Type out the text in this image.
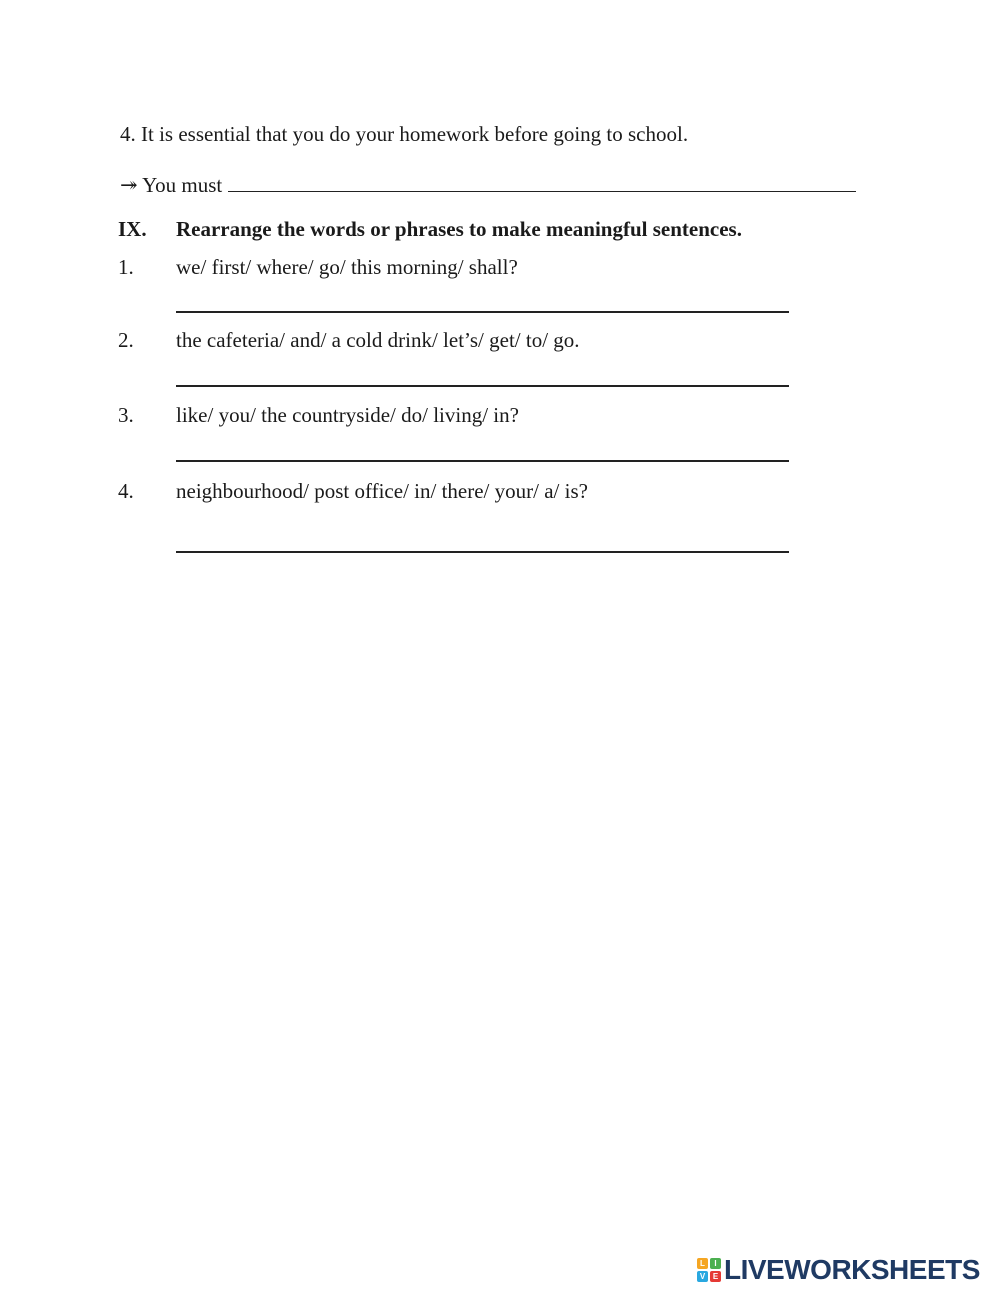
4. It is essential that you do your homework before going to school.
↠ You must
IX. Rearrange the words or phrases to make meaningful sentences.
1. we/ first/ where/ go/ this morning/ shall?
2. the cafeteria/ and/ a cold drink/ let’s/ get/ to/ go.
3. like/ you/ the countryside/ do/ living/ in?
4. neighbourhood/ post office/ in/ there/ your/ a/ is?
L	I
V E LIVEWORKSHEETS
